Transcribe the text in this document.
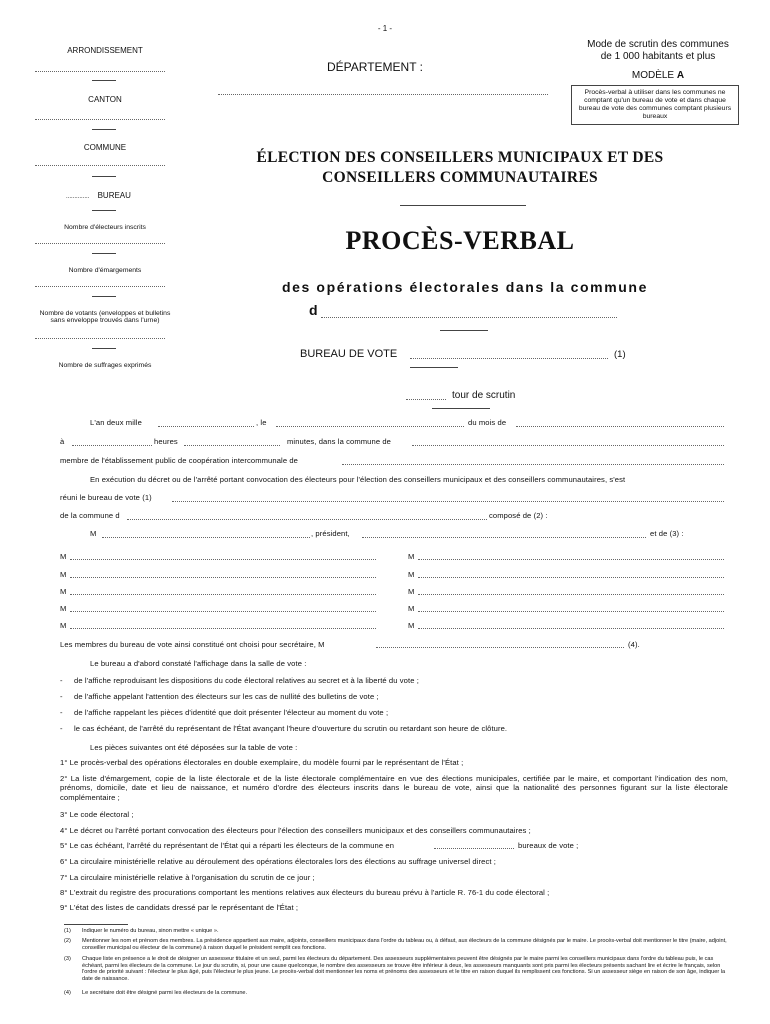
- 1 -
Mode de scrutin des communes
de 1 000 habitants et plus
MODÈLE A
Procès-verbal à utiliser dans les communes ne comptant qu'un bureau de vote et dans chaque bureau de vote des communes comptant plusieurs bureaux
DÉPARTEMENT :
ARRONDISSEMENT
CANTON
COMMUNE
.............. BUREAU
Nombre d'électeurs inscrits
Nombre d'émargements
Nombre de votants (enveloppes et bulletins sans enveloppe trouvés dans l'urne)
Nombre de suffrages exprimés
ÉLECTION DES CONSEILLERS MUNICIPAUX ET DES
CONSEILLERS COMMUNAUTAIRES
PROCÈS-VERBAL
des opérations électorales dans la commune
d
BUREAU DE VOTE	(1)
tour de scrutin
L'an deux mille	, le	du mois de
à	heures	minutes, dans la commune de
membre de l'établissement public de coopération intercommunale de
En exécution du décret ou de l'arrêté portant convocation des électeurs pour l'élection des conseillers municipaux et des conseillers communautaires, s'est
réuni le bureau de vote (1)
de la commune d	composé de (2) :
M	, président,	et de (3) :
M	M
M	M
M	M
M	M
M	M
Les membres du bureau de vote ainsi constitué ont choisi pour secrétaire, M	(4).
Le bureau a d'abord constaté l'affichage dans la salle de vote :
- de l'affiche reproduisant les dispositions du code électoral relatives au secret et à la liberté du vote ;
- de l'affiche appelant l'attention des électeurs sur les cas de nullité des bulletins de vote ;
- de l'affiche rappelant les pièces d'identité que doit présenter l'électeur au moment du vote ;
- le cas échéant, de l'arrêté du représentant de l'État avançant l'heure d'ouverture du scrutin ou retardant son heure de clôture.
Les pièces suivantes ont été déposées sur la table de vote :
1° Le procès-verbal des opérations électorales en double exemplaire, du modèle fourni par le représentant de l'État ;
2° La liste d'émargement, copie de la liste électorale et de la liste électorale complémentaire en vue des élections municipales, certifiée par le maire, et comportant l'indication des nom, prénoms, domicile, date et lieu de naissance, et numéro d'ordre des électeurs inscrits dans le bureau de vote, ainsi que la nationalité des personnes figurant sur la liste électorale complémentaire ;
3° Le code électoral ;
4° Le décret ou l'arrêté portant convocation des électeurs pour l'élection des conseillers municipaux et des conseillers communautaires ;
5° Le cas échéant, l'arrêté du représentant de l'État qui a réparti les électeurs de la commune en	bureaux de vote ;
6° La circulaire ministérielle relative au déroulement des opérations électorales lors des élections au suffrage universel direct ;
7° La circulaire ministérielle relative à l'organisation du scrutin de ce jour ;
8° L'extrait du registre des procurations comportant les mentions relatives aux électeurs du bureau prévu à l'article R. 76-1 du code électoral ;
9° L'état des listes de candidats dressé par le représentant de l'État ;
(1) Indiquer le numéro du bureau, sinon mettre « unique ».
(2) Mentionner les nom et prénom des membres. La présidence appartient aux maire, adjoints, conseillers municipaux dans l'ordre du tableau ou, à défaut, aux électeurs de la commune désignés par le maire. Le procès-verbal doit mentionner le titre (maire, adjoint, conseiller municipal ou électeur de la commune) à raison duquel le président remplit ces fonctions.
(3) Chaque liste en présence a le droit de désigner un assesseur titulaire et un seul, parmi les électeurs du département. Des assesseurs supplémentaires peuvent être désignés par le maire parmi les conseillers municipaux dans l'ordre du tableau puis, le cas échéant, parmi les électeurs de la commune. Le jour du scrutin, si, pour une cause quelconque, le nombre des assesseurs se trouve être inférieur à deux, les assesseurs manquants sont pris parmi les électeurs présents sachant lire et écrire le français, selon l'ordre de priorité suivant : l'électeur le plus âgé, puis l'électeur le plus jeune. Le procès-verbal doit mentionner les noms et prénoms des assesseurs et le titre en raison duquel ils remplissent ces fonctions. Si un assesseur siège en raison de son âge, indiquer la date de naissance.
(4) Le secrétaire doit être désigné parmi les électeurs de la commune.
